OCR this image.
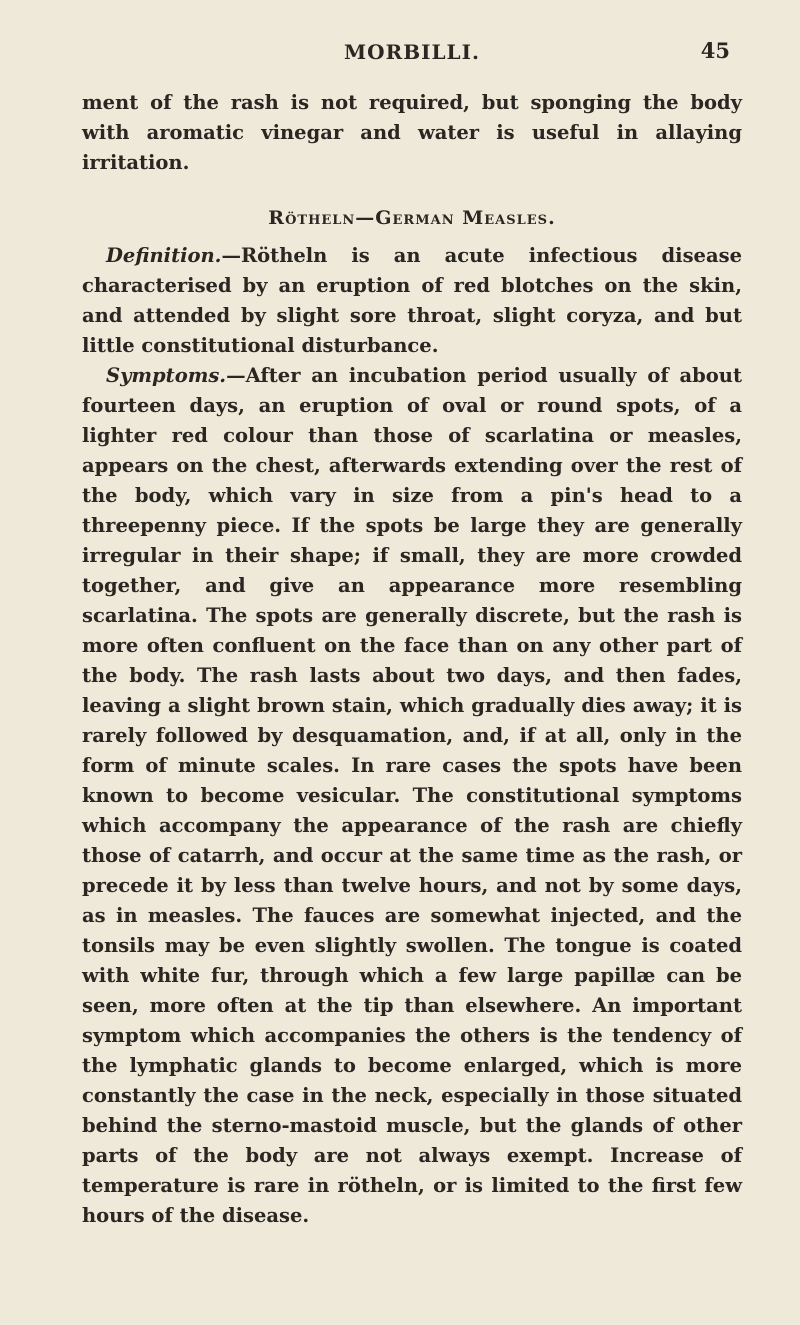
MORBILLI.	45

ment of the rash is not required, but sponging the body with aromatic vinegar and water is useful in allaying irritation.

Rötheln—German Measles.

Definition.—Rötheln is an acute infectious disease characterised by an eruption of red blotches on the skin, and attended by slight sore throat, slight coryza, and but little constitutional disturbance.

Symptoms.—After an incubation period usually of about fourteen days, an eruption of oval or round spots, of a lighter red colour than those of scarlatina or measles, appears on the chest, afterwards extending over the rest of the body, which vary in size from a pin's head to a threepenny piece. If the spots be large they are generally irregular in their shape; if small, they are more crowded together, and give an appearance more resembling scarlatina. The spots are generally discrete, but the rash is more often confluent on the face than on any other part of the body. The rash lasts about two days, and then fades, leaving a slight brown stain, which gradually dies away; it is rarely followed by desquamation, and, if at all, only in the form of minute scales. In rare cases the spots have been known to become vesicular. The constitutional symptoms which accompany the appearance of the rash are chiefly those of catarrh, and occur at the same time as the rash, or precede it by less than twelve hours, and not by some days, as in measles. The fauces are somewhat injected, and the tonsils may be even slightly swollen. The tongue is coated with white fur, through which a few large papillæ can be seen, more often at the tip than elsewhere. An important symptom which accompanies the others is the tendency of the lymphatic glands to become enlarged, which is more constantly the case in the neck, especially in those situated behind the sterno-mastoid muscle, but the glands of other parts of the body are not always exempt. Increase of temperature is rare in rötheln, or is limited to the first few hours of the disease.
